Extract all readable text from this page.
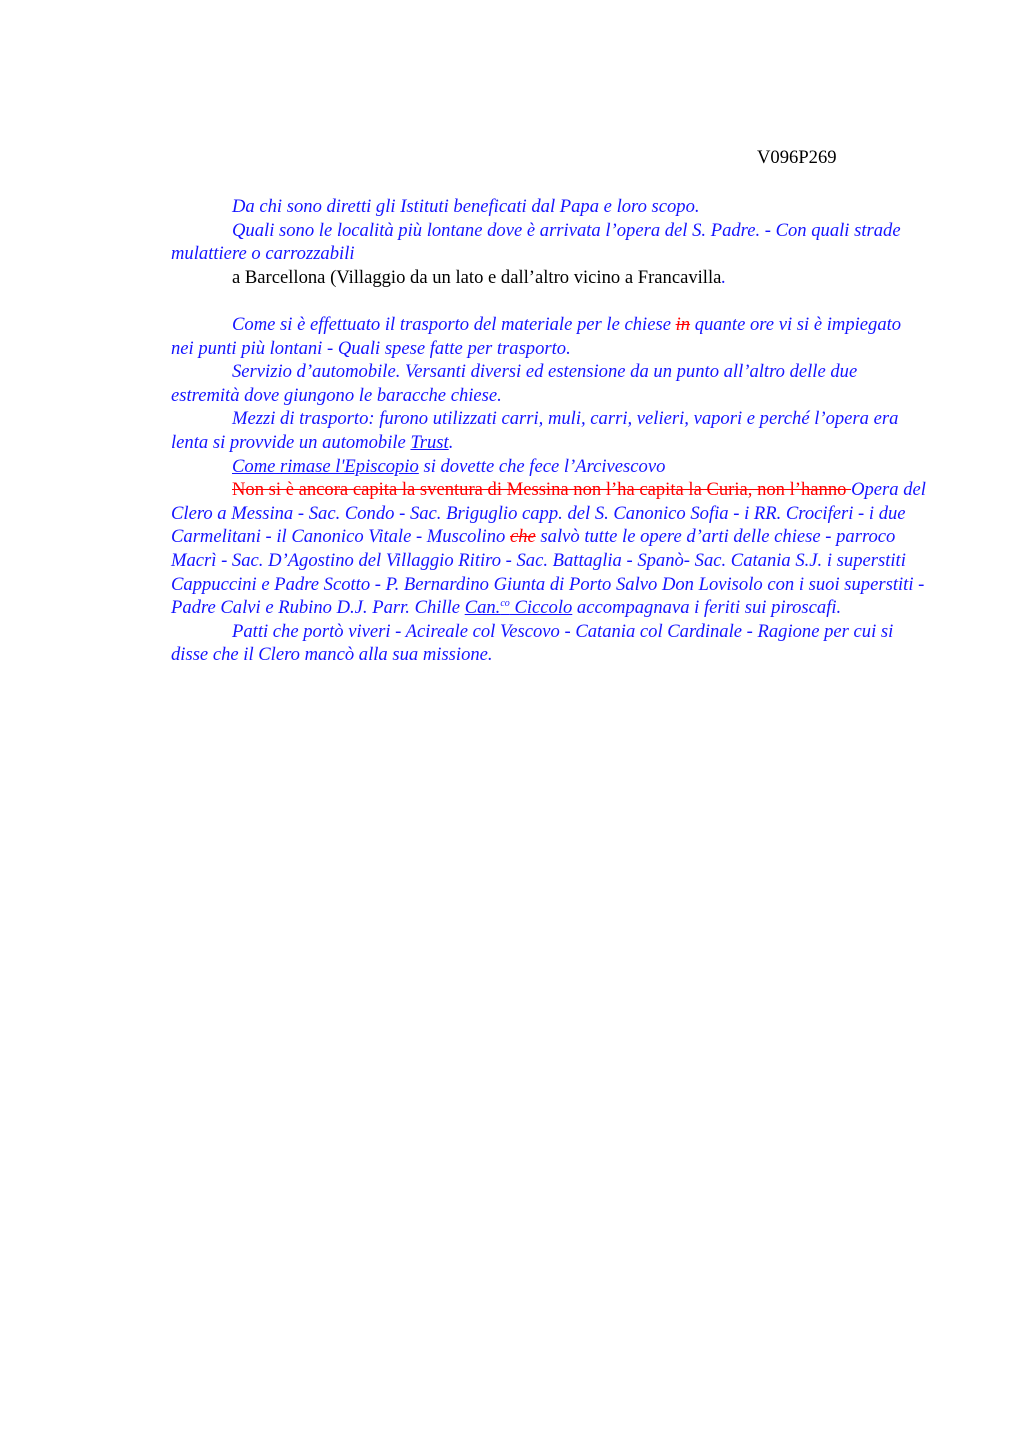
V096P269

Da chi sono diretti gli Istituti beneficati dal Papa e loro scopo.

Quali sono le località più lontane dove è arrivata l’opera del S. Padre. - Con quali strade mulattiere o carrozzabili

a Barcellona (Villaggio da un lato e dall’altro vicino a Francavilla.

Come si è effettuato il trasporto del materiale per le chiese in quante ore vi si è impiegato nei punti più lontani - Quali spese fatte per trasporto.

Servizio d’automobile. Versanti diversi ed estensione da un punto all’altro delle due estremità dove giungono le baracche chiese.

Mezzi di trasporto: furono utilizzati carri, muli, carri, velieri, vapori e perché l’opera era lenta si provvide un automobile Trust.

Come rimase l'Episcopio si dovette che fece l’Arcivescovo

Non si è ancora capita la sventura di Messina non l’ha capita la Curia, non l’hanno Opera del Clero a Messina - Sac. Condo - Sac. Briguglio capp. del S. Canonico Sofia - i RR. Crociferi - i due Carmelitani - il Canonico Vitale - Muscolino che salvò tutte le opere d’arti delle chiese - parroco Macrì - Sac. D’Agostino del Villaggio Ritiro - Sac. Battaglia - Spanò- Sac. Catania S.J. i superstiti Cappuccini e Padre Scotto - P. Bernardino Giunta di Porto Salvo Don Lovisolo con i suoi superstiti - Padre Calvi e Rubino D.J. Parr. Chille Can.$^{co}$ Ciccolo accompagnava i feriti sui piroscafi.

Patti che portò viveri - Acireale col Vescovo - Catania col Cardinale - Ragione per cui si disse che il Clero mancò alla sua missione.
